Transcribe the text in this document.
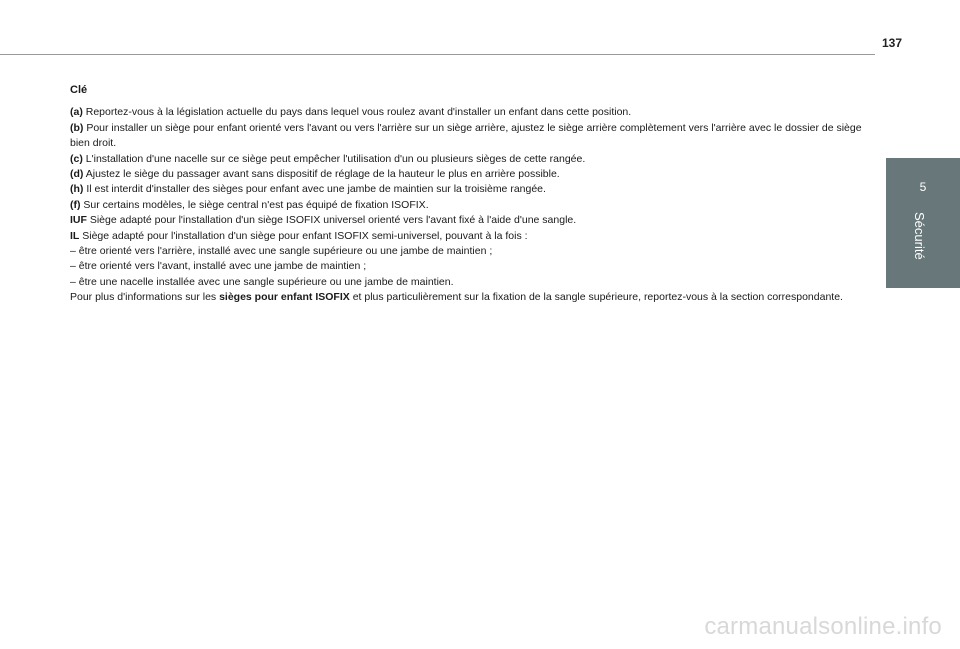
137
5
Sécurité
Clé

(a) Reportez-vous à la législation actuelle du pays dans lequel vous roulez avant d'installer un enfant dans cette position.

(b) Pour installer un siège pour enfant orienté vers l'avant ou vers l'arrière sur un siège arrière, ajustez le siège arrière complètement vers l'arrière avec le dossier de siège bien droit.

(c) L'installation d'une nacelle sur ce siège peut empêcher l'utilisation d'un ou plusieurs sièges de cette rangée.

(d) Ajustez le siège du passager avant sans dispositif de réglage de la hauteur le plus en arrière possible.

(h) Il est interdit d'installer des sièges pour enfant avec une jambe de maintien sur la troisième rangée.

(f) Sur certains modèles, le siège central n'est pas équipé de fixation ISOFIX.

IUF Siège adapté pour l'installation d'un siège ISOFIX universel orienté vers l'avant fixé à l'aide d'une sangle.

IL Siège adapté pour l'installation d'un siège pour enfant ISOFIX semi-universel, pouvant à la fois :

– être orienté vers l'arrière, installé avec une sangle supérieure ou une jambe de maintien ;

– être orienté vers l'avant, installé avec une jambe de maintien ;

– être une nacelle installée avec une sangle supérieure ou une jambe de maintien.

Pour plus d'informations sur les sièges pour enfant ISOFIX et plus particulièrement sur la fixation de la sangle supérieure, reportez-vous à la section correspondante.

carmanualsonline.info
